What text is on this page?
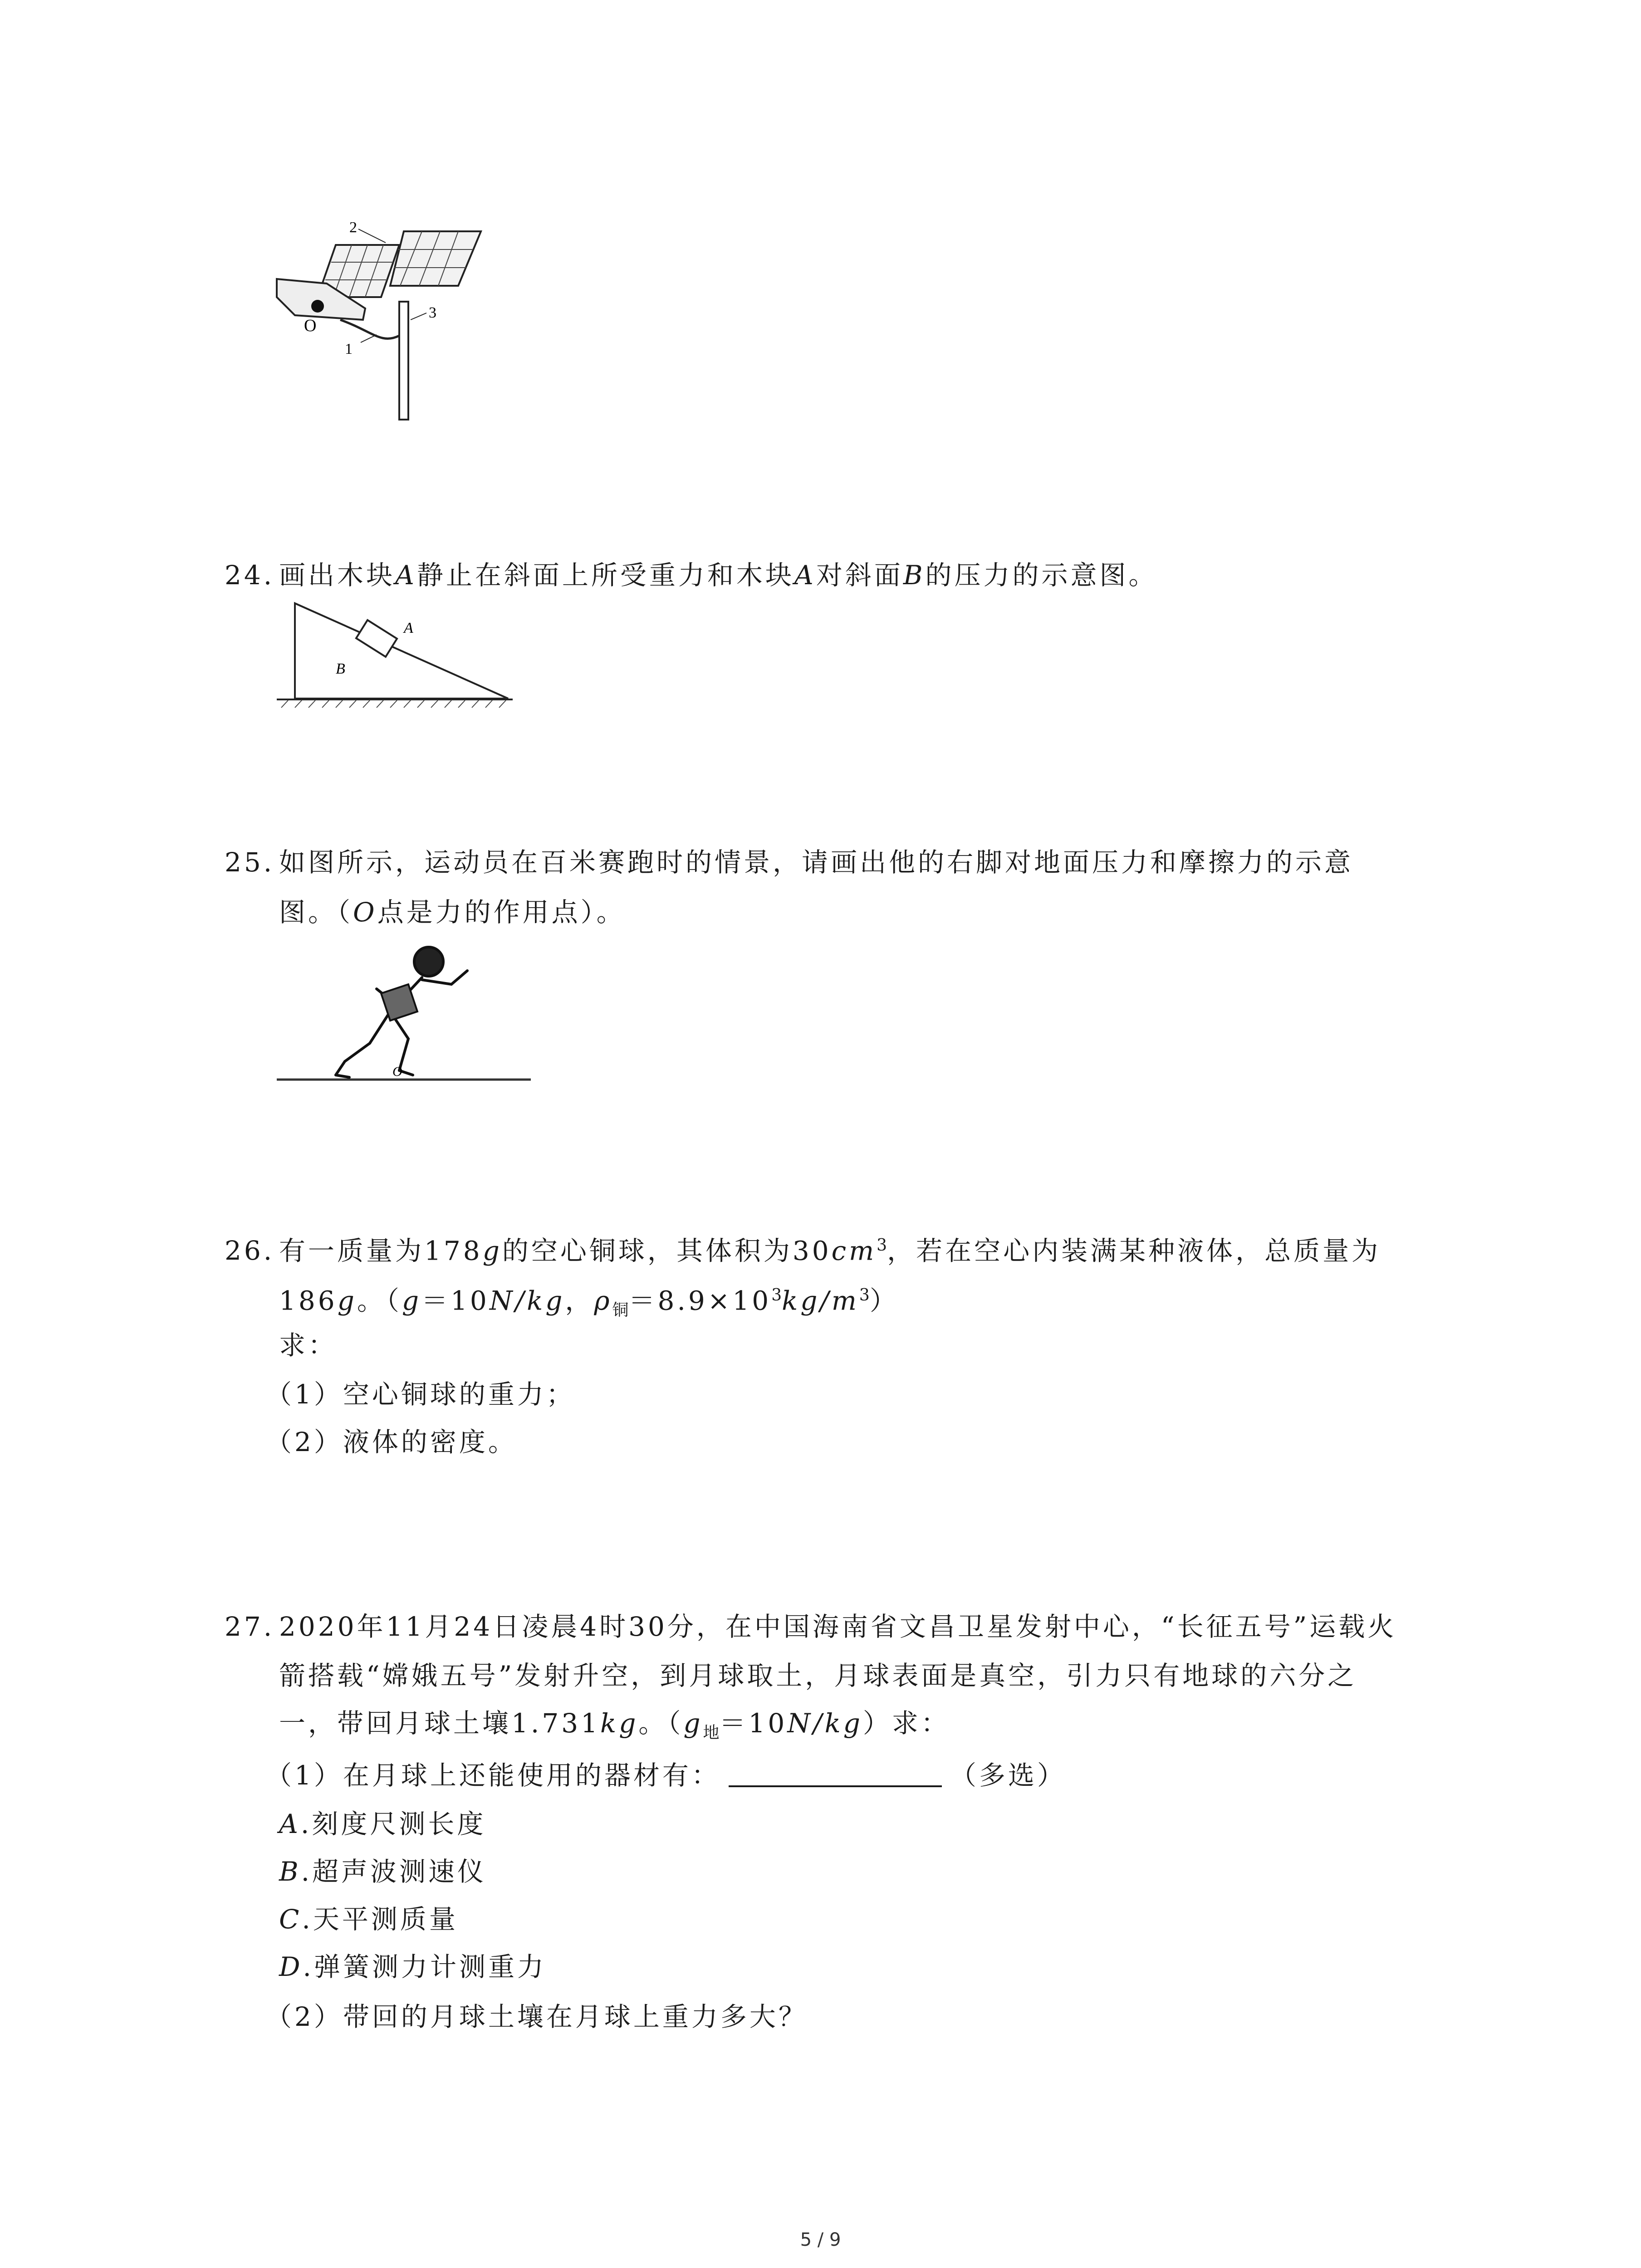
O
1
2
3
24. 画出木块A静止在斜面上所受重力和木块A对斜面B的压力的示意图。
A
B
25. 如图所示，运动员在百米赛跑时的情景，请画出他的右脚对地面压力和摩擦力的示意
图。（O点是力的作用点）。
O
26. 有一质量为178g的空心铜球，其体积为$30cm^3$，若在空心内装满某种液体，总质量为
186g。（g＝10N/kg，$\rho_铜=8.9\times 10^3kg/m^3$）
求：
（1）空心铜球的重力；
（2）液体的密度。
27. 2020年11月24日凌晨4时30分，在中国海南省文昌卫星发射中心，“长征五号”运载火
箭搭载“嫦娥五号”发射升空，到月球取土，月球表面是真空，引力只有地球的六分之
一，带回月球土壤1.731kg。$(g_地=10N/kg)$求：
（1）在月球上还能使用的器材有：	（多选）
A.刻度尺测长度
B.超声波测速仪
C.天平测质量
D.弹簧测力计测重力
（2）带回的月球土壤在月球上重力多大？
5 / 9
